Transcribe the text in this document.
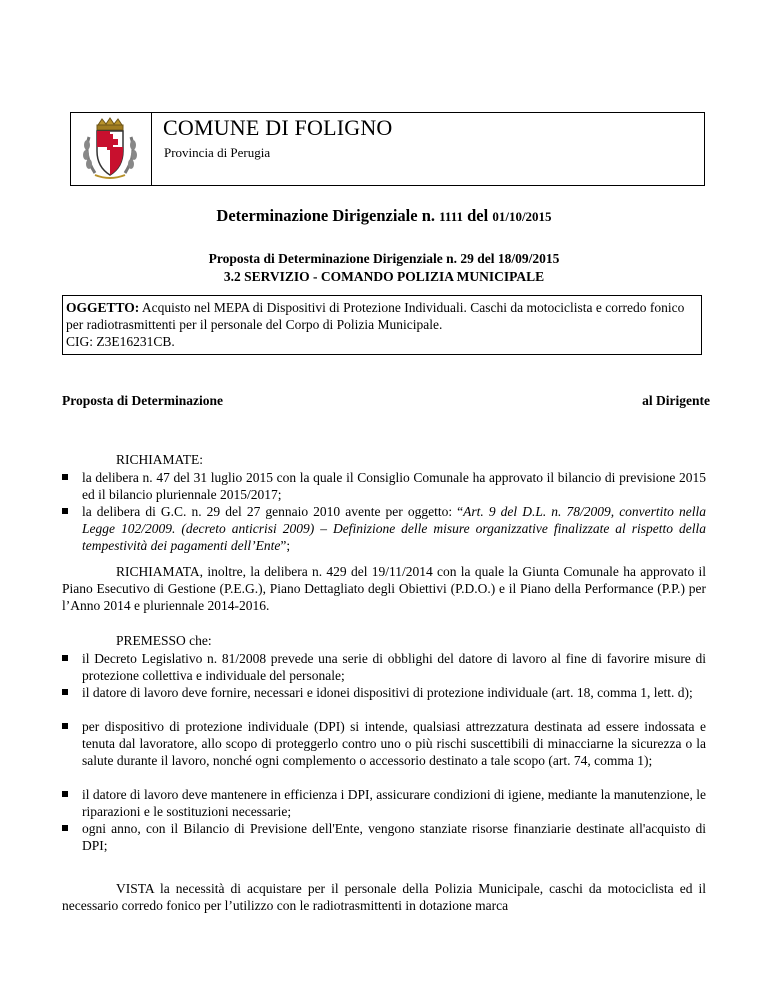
COMUNE DI FOLIGNO
Provincia di Perugia
Determinazione Dirigenziale n. 1111 del 01/10/2015
Proposta di Determinazione Dirigenziale n. 29 del 18/09/2015
3.2 SERVIZIO - COMANDO POLIZIA MUNICIPALE
OGGETTO: Acquisto nel MEPA di Dispositivi di Protezione Individuali. Caschi da motociclista e corredo fonico per radiotrasmittenti per il personale del Corpo di Polizia Municipale.
CIG: Z3E16231CB.
Proposta di Determinazione	al Dirigente
RICHIAMATE:
la delibera n. 47 del 31 luglio 2015 con la quale il Consiglio Comunale ha approvato il bilancio di previsione 2015 ed il bilancio pluriennale 2015/2017;
la delibera di G.C. n. 29 del 27 gennaio 2010 avente per oggetto: “Art. 9 del D.L. n. 78/2009, convertito nella Legge 102/2009. (decreto anticrisi 2009) – Definizione delle misure organizzative finalizzate al rispetto della tempestività dei pagamenti dell’Ente”;
RICHIAMATA, inoltre, la delibera n. 429 del 19/11/2014 con la quale la Giunta Comunale ha approvato il Piano Esecutivo di Gestione (P.E.G.), Piano Dettagliato degli Obiettivi (P.D.O.) e il Piano della Performance (P.P.) per l’Anno 2014 e pluriennale 2014-2016.
PREMESSO che:
il Decreto Legislativo n. 81/2008 prevede una serie di obblighi del datore di lavoro al fine di favorire misure di protezione collettiva e individuale del personale;
il datore di lavoro deve fornire, necessari e idonei dispositivi di protezione individuale (art. 18, comma 1, lett. d);
per dispositivo di protezione individuale (DPI) si intende, qualsiasi attrezzatura destinata ad essere indossata e tenuta dal lavoratore, allo scopo di proteggerlo contro uno o più rischi suscettibili di minacciarne la sicurezza o la salute durante il lavoro, nonché ogni complemento o accessorio destinato a tale scopo (art. 74, comma 1);
il datore di lavoro deve mantenere in efficienza i DPI, assicurare condizioni di igiene, mediante la manutenzione, le riparazioni e le sostituzioni necessarie;
ogni anno, con il Bilancio di Previsione dell'Ente, vengono stanziate risorse finanziarie destinate all'acquisto di DPI;
VISTA la necessità di acquistare per il personale della Polizia Municipale, caschi da motociclista ed il necessario corredo fonico per l’utilizzo con le radiotrasmittenti in dotazione marca
